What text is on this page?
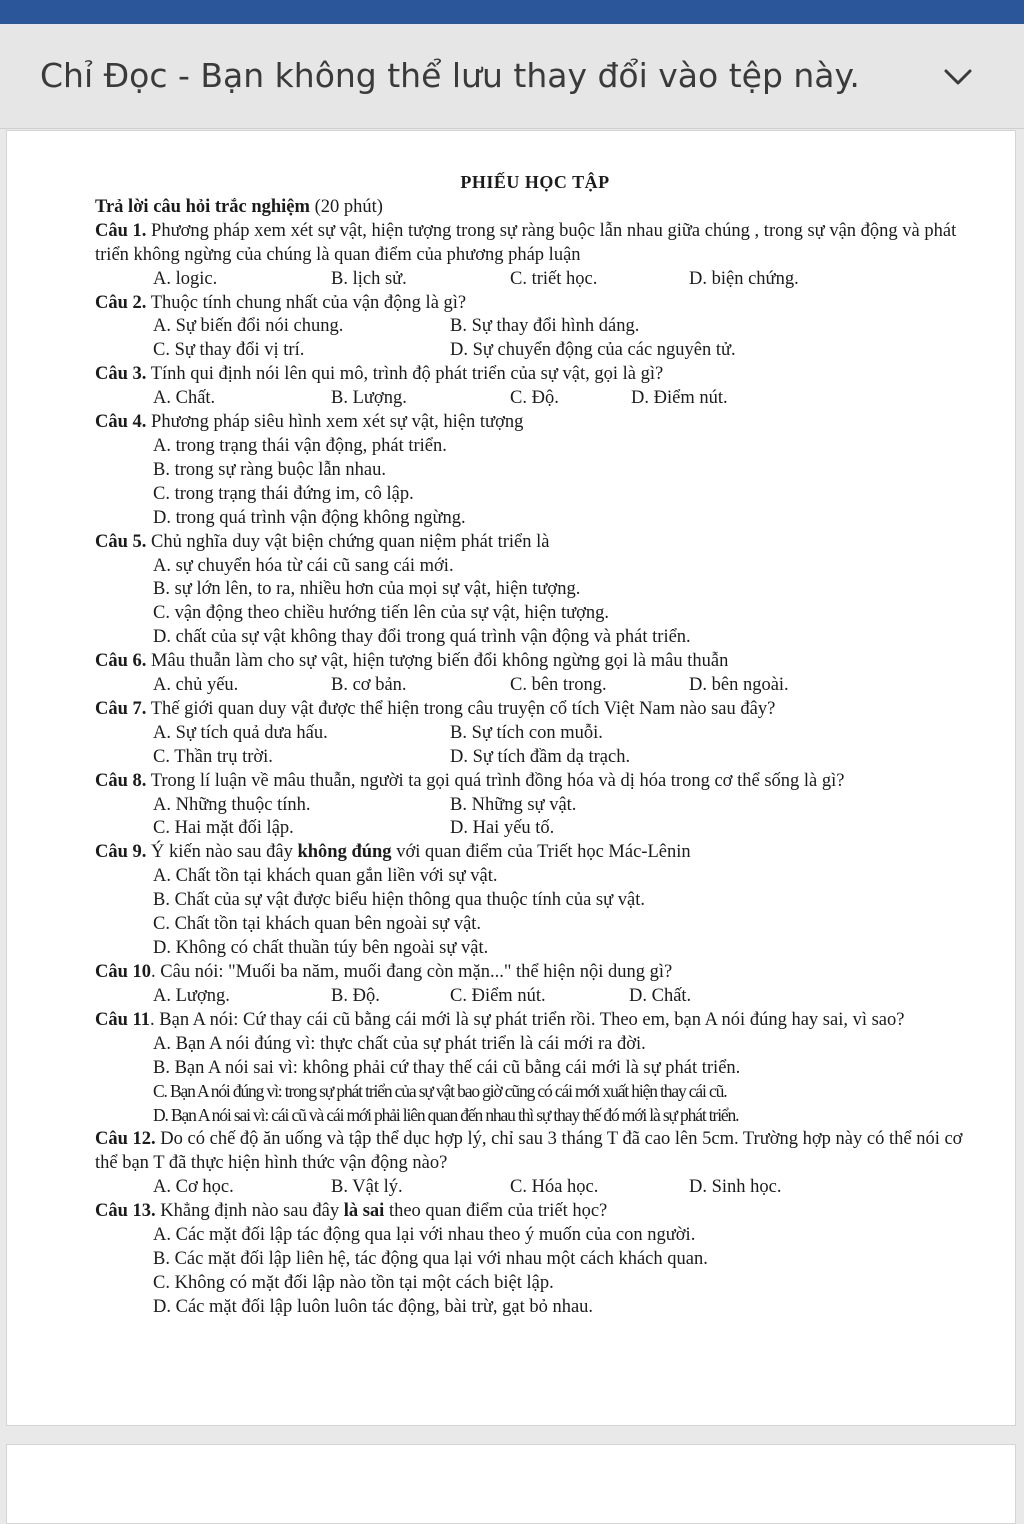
Chỉ Đọc - Bạn không thể lưu thay đổi vào tệp này.
PHIẾU HỌC TẬP
Trả lời câu hỏi trắc nghiệm (20 phút)
Câu 1. Phương pháp xem xét sự vật, hiện tượng trong sự ràng buộc lẫn nhau giữa chúng , trong sự vận động và phát triển không ngừng của chúng là quan điểm của phương pháp luận
A. logic.	B. lịch sử.	C. triết học.	D. biện chứng.
Câu 2. Thuộc tính chung nhất của vận động là gì?
A. Sự biến đổi nói chung.	B. Sự thay đổi hình dáng.
C. Sự thay đổi vị trí.	D. Sự chuyển động của các nguyên tử.
Câu 3. Tính qui định nói lên qui mô, trình độ phát triển của sự vật, gọi là gì?
A. Chất.	B. Lượng.	C. Độ.	D. Điểm nút.
Câu 4. Phương pháp siêu hình xem xét sự vật, hiện tượng
A. trong trạng thái vận động, phát triển.
B. trong sự ràng buộc lẫn nhau.
C. trong trạng thái đứng im, cô lập.
D. trong quá trình vận động không ngừng.
Câu 5. Chủ nghĩa duy vật biện chứng quan niệm phát triển là
A. sự chuyển hóa từ cái cũ sang cái mới.
B. sự lớn lên, to ra, nhiều hơn của mọi sự vật, hiện tượng.
C. vận động theo chiều hướng tiến lên của sự vật, hiện tượng.
D. chất của sự vật không thay đổi trong quá trình vận động và phát triển.
Câu 6. Mâu thuẫn làm cho sự vật, hiện tượng biến đổi không ngừng gọi là mâu thuẫn
A. chủ yếu.	B. cơ bản.	C. bên trong.	D. bên ngoài.
Câu 7. Thế giới quan duy vật được thể hiện trong câu truyện cổ tích Việt Nam nào sau đây?
A. Sự tích quả dưa hấu.	B. Sự tích con muỗi.
C. Thần trụ trời.	D. Sự tích đầm dạ trạch.
Câu 8. Trong lí luận về mâu thuẫn, người ta gọi quá trình đồng hóa và dị hóa trong cơ thể sống là gì?
A. Những thuộc tính.	B. Những sự vật.
C. Hai mặt đối lập.	D. Hai yếu tố.
Câu 9. Ý kiến nào sau đây không đúng với quan điểm của Triết học Mác-Lênin
A. Chất tồn tại khách quan gắn liền với sự vật.
B. Chất của sự vật được biểu hiện thông qua thuộc tính của sự vật.
C. Chất tồn tại khách quan bên ngoài sự vật.
D. Không có chất thuần túy bên ngoài sự vật.
Câu 10. Câu nói: "Muối ba năm, muối đang còn mặn..." thể hiện nội dung gì?
A. Lượng.	B. Độ.	C. Điểm nút.	D. Chất.
Câu 11. Bạn A nói: Cứ thay cái cũ bằng cái mới là sự phát triển rồi. Theo em, bạn A nói đúng hay sai, vì sao?
A. Bạn A nói đúng vì: thực chất của sự phát triển là cái mới ra đời.
B. Bạn A nói sai vì: không phải cứ thay thế cái cũ bằng cái mới là sự phát triển.
C. Bạn A nói đúng vì: trong sự phát triển của sự vật bao giờ cũng có cái mới xuất hiện thay cái cũ.
D. Bạn A nói sai vì: cái cũ và cái mới phải liên quan đến nhau thì sự thay thế đó mới là sự phát triển.
Câu 12. Do có chế độ ăn uống và tập thể dục hợp lý, chỉ sau 3 tháng T đã cao lên 5cm. Trường hợp này có thể nói cơ thể bạn T đã thực hiện hình thức vận động nào?
A. Cơ học.	B. Vật lý.	C. Hóa học.	D. Sinh học.
Câu 13. Khẳng định nào sau đây là sai theo quan điểm của triết học?
A. Các mặt đối lập tác động qua lại với nhau theo ý muốn của con người.
B. Các mặt đối lập liên hệ, tác động qua lại với nhau một cách khách quan.
C. Không có mặt đối lập nào tồn tại một cách biệt lập.
D. Các mặt đối lập luôn luôn tác động, bài trừ, gạt bỏ nhau.
